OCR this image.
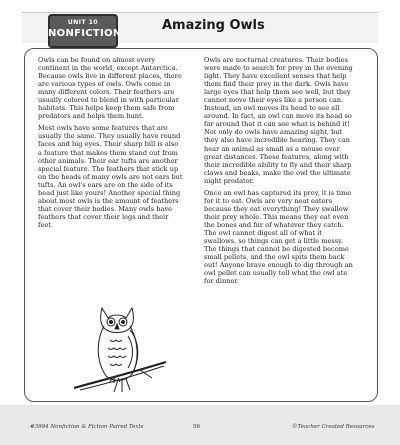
UNIT 10
NONFICTION
Amazing Owls

Owls can be found on almost every continent in the world, except Antarctica. Because owls live in different places, there are various types of owls. Owls come in many different colors. Their feathers are usually colored to blend in with particular habitats. This helps keep them safe from predators and helps them hunt.

Most owls have some features that are usually the same. They usually have round faces and big eyes. Their sharp bill is also a feature that makes them stand out from other animals. Their ear tufts are another special feature. The feathers that stick up on the heads of many owls are not ears but tufts. An owl's ears are on the side of its head just like yours! Another special thing about most owls is the amount of feathers that cover their bodies. Many owls have feathers that cover their legs and their feet.

Owls are nocturnal creatures. Their bodies were made to search for prey in the evening light. They have excellent senses that help them find their prey in the dark. Owls have large eyes that help them see well, but they cannot move their eyes like a person can. Instead, an owl moves its head to see all around. In fact, an owl can move its head so far around that it can see what is behind it! Not only do owls have amazing sight, but they also have incredible hearing. They can hear an animal as small as a mouse over great distances. These features, along with their incredible ability to fly and their sharp claws and beaks, make the owl the ultimate night predator.

Once an owl has captured its prey, it is time for it to eat. Owls are very neat eaters because they eat everything! They swallow their prey whole. This means they eat even the bones and fur of whatever they catch. The owl cannot digest all of what it swallows, so things can get a little messy. The things that cannot be digested become small pellets, and the owl spits them back out! Anyone brave enough to dig through an owl pellet can usually tell what the owl ate for dinner.

#3994 Nonfiction & Fiction Paired Texts	56	©Teacher Created Resources
